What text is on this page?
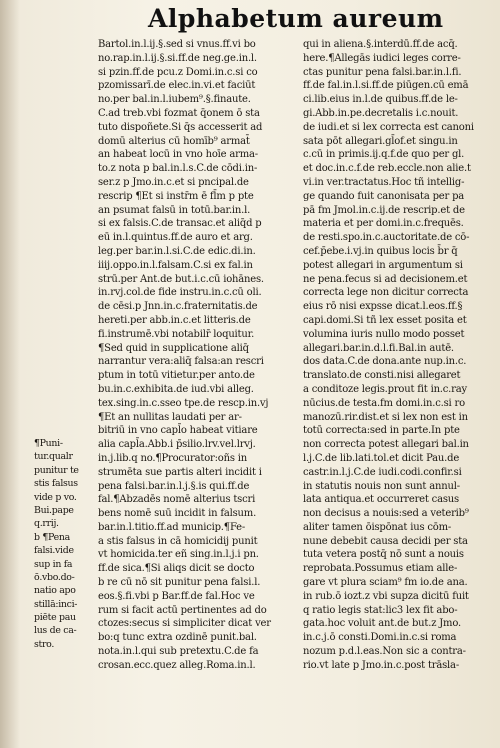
Alphabetum aureum
¶Puni-
tur.qualr
punitur te
stis falsus
vide p vo.
Bui.pape
q.rrij.
b ¶Pena
falsi.vide
sup in fa
ō.vbo.do-
natio apo
stillā:inci-
piēte pau
lus de ca-
stro.
Bartol.in.l.ij.§.sed si vnus.ff.vi bo
no.rap.in.l.ij.§.si.ff.de neg.ge.in.l.
si pzin.ff.de pcu.z Domi.in.c.si co
pzomissarī.de elec.in.vi.et faciūt
no.per bal.in.l.iubem⁹.§.finaute.
C.ad treb.vbi fozmat q̄onem ō sta
tuto dispoñete.Si q̄s accesserit ad
domū alterius cū homīb⁹ armat̄
an habeat locū in vno hoīe arma-
to.z nota p bal.in.l.s.C.de cōdi.in-
ser.z p Jmo.in.c.et si pncipal.de
rescrip ¶Et si instr̄m ē fl̄m p pte
an psumat falsū in totū.bar.in.l.
si ex falsis.C.de transac.et aliq̄d p
eū in.l.quintus.ff.de auro et arg.
leg.per bar.in.l.si.C.de edic.di.in.
iiij.oppo.in.l.falsam.C.si ex fal.in
strū.per Ant.de but.i.c.cū iohānes.
in.rvj.col.de fide instru.in.c.cū oli.
de cēsi.p Jnn.in.c.fraternitatis.de
hereti.per abb.in.c.et litteris.de
fi.instrumē.vbi notabilr̄ loquitur.
¶Sed quid in supplicatione aliq̄
narrantur vera:aliq̄ falsa:an rescri
ptum in totū vitietur.per anto.de
bu.in.c.exhibita.de iud.vbi alleg.
tex.sing.in.c.sseo tpe.de rescp.in.vj
¶Et an nullitas laudati per ar-
bitriū in vno capl̄o habeat vitiare
alia capl̄a.Abb.i p̄silio.lrv.vel.lrvj.
in.j.lib.q no.¶Procurator:oñs in
strumēta sue partis alteri incidit i
pena falsi.bar.in.l.j.§.is qui.ff.de
fal.¶Abzadēs nomē alterius tscri
bens nomē suū incidit in falsum.
bar.in.l.titio.ff.ad municip.¶Fe-
a stis falsus in cā homicidij punit
vt homicida.ter eñ sing.in.l.j.i pn.
ff.de sica.¶Si aliqs dicit se docto
b re cū nō sit punitur pena falsi.l.
eos.§.fi.vbi p Bar.ff.de fal.Hoc ve
rum si facit actū pertinentes ad do
ctozes:secus si simpliciter dicat ver
bo:q tunc extra ozdinē punit.bal.
nota.in.l.qui sub pretextu.C.de fa
crosan.ecc.quez alleg.Roma.in.l.
qui in aliena.§.interdū.ff.de acq̄.
here.¶Allegās iudici leges corre-
ctas punitur pena falsi.bar.in.l.fi.
ff.de fal.in.l.si.ff.de piūgen.cū emā
ci.lib.eius in.l.de quibus.ff.de le-
gi.Abb.in.pe.decretalis i.c.nouit.
de iudi.et si lex correcta est canoni
sata pōt allegari.gl̄of.et singu.in
c.cū in primis.ij.q.f.de quo per gl.
et doc.in.c.f.de reb.eccle.non alie.t
vi.in ver.tractatus.Hoc tñ intellig-
ge quando fuit canonisata per pa
pā fm Jmol.in.c.ij.de rescrip.et de
materia et per domi.in.c.frequēs.
de resti.spo.in.c.auctoritate.de cō-
cef.p̄ebe.i.vj.in quibus locis b̄r q̄
potest allegari in argumentum si
ne pena.fecus si ad decisionem.et
correcta lege non dicitur correcta
eius rō nisi expsse dicat.l.eos.ff.§
capi.domi.Si tñ lex esset posita et
volumina iuris nullo modo posset
allegari.bar.in.d.l.fi.Bal.in autē.
dos data.C.de dona.ante nup.in.c.
translato.de consti.nisi allegaret
a conditoze legis.prout fit in.c.ray
nūcius.de testa.fm domi.in.c.si ro
manozū.rir.dist.et si lex non est in
totū correcta:sed in parte.In pte
non correcta potest allegari bal.in
l.j.C.de lib.lati.tol.et dicit Pau.de
castr.in.l.j.C.de iudi.codi.confir.si
in statutis nouis non sunt annul-
lata antiqua.et occurreret casus
non decisus a nouis:sed a veterib⁹
aliter tamen ōispōnat ius cōm-
nune debebit causa decidi per sta
tuta vetera postq̄ nō sunt a nouis
reprobata.Possumus etiam alle-
gare vt plura sciam⁹ fm io.de ana.
in rub.ō iozt.z vbi supza dicitū fuit
q ratio legis stat:lic3 lex fit abo-
gata.hoc voluit ant.de but.z Jmo.
in.c.j.ō consti.Domi.in.c.si roma
nozum p.d.l.eas.Non sic a contra-
rio.vt late p Jmo.in.c.post trāsla-
